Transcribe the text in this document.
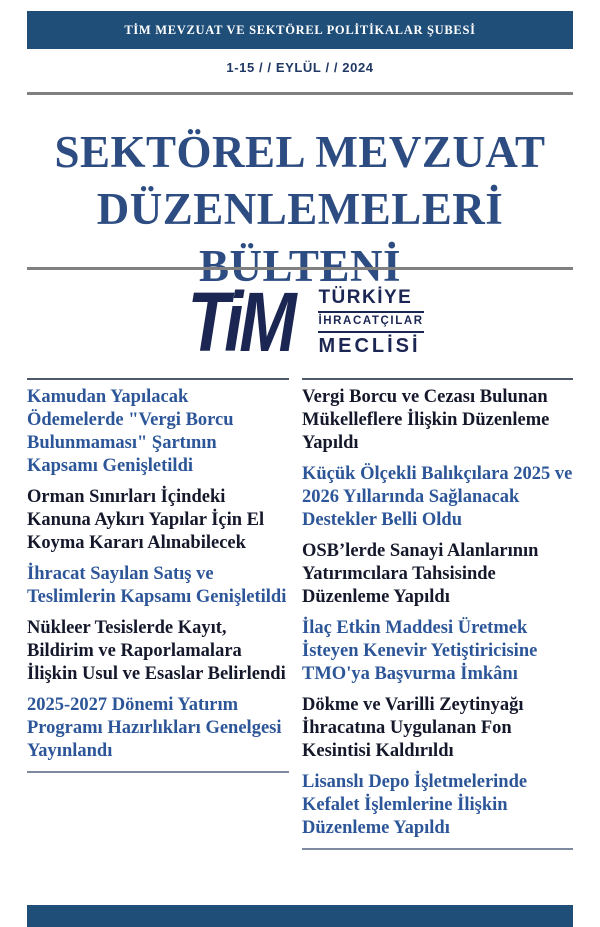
TİM MEVZUAT VE SEKTÖREL POLİTİKALAR ŞUBESİ
1-15 / / EYLÜL / / 2024
SEKTÖREL MEVZUAT DÜZENLEMELERİ BÜLTENİ
TiM TÜRKİYE
İHRACATÇILAR
MECLİSİ
Kamudan Yapılacak Ödemelerde "Vergi Borcu Bulunmaması" Şartının Kapsamı Genişletildi
Orman Sınırları İçindeki Kanuna Aykırı Yapılar İçin El Koyma Kararı Alınabilecek
İhracat Sayılan Satış ve Teslimlerin Kapsamı Genişletildi
Nükleer Tesislerde Kayıt, Bildirim ve Raporlamalara İlişkin Usul ve Esaslar Belirlendi
2025-2027 Dönemi Yatırım Programı Hazırlıkları Genelgesi Yayınlandı
Vergi Borcu ve Cezası Bulunan Mükelleflere İlişkin Düzenleme Yapıldı
Küçük Ölçekli Balıkçılara 2025 ve 2026 Yıllarında Sağlanacak Destekler Belli Oldu
OSB’lerde Sanayi Alanlarının Yatırımcılara Tahsisinde Düzenleme Yapıldı
İlaç Etkin Maddesi Üretmek İsteyen Kenevir Yetiştiricisine TMO'ya Başvurma İmkânı
Dökme ve Varilli Zeytinyağı İhracatına Uygulanan Fon Kesintisi Kaldırıldı
Lisanslı Depo İşletmelerinde Kefalet İşlemlerine İlişkin Düzenleme Yapıldı
